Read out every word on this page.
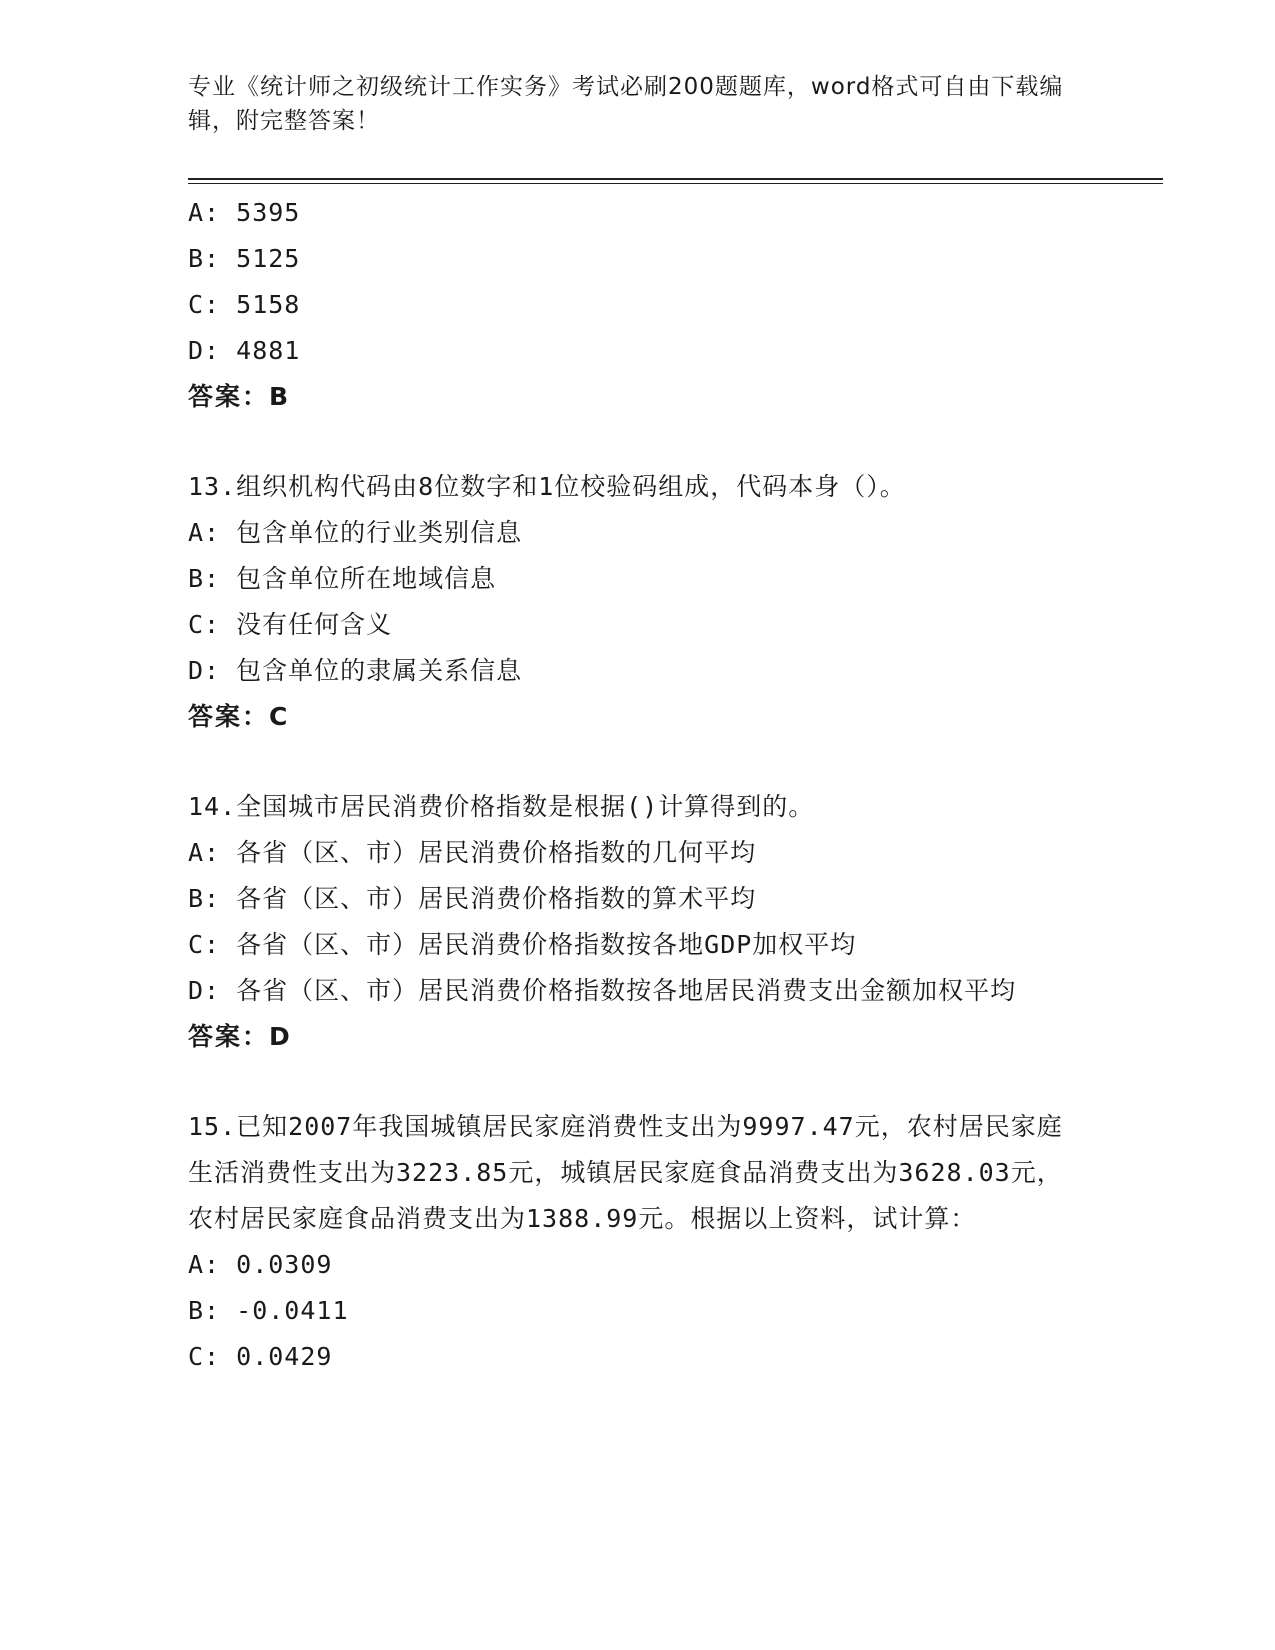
专业《统计师之初级统计工作实务》考试必刷200题题库，word格式可自由下载编辑，附完整答案！
A: 5395
B: 5125
C: 5158
D: 4881
答案：B
13.组织机构代码由8位数字和1位校验码组成，代码本身（）。
A: 包含单位的行业类别信息
B: 包含单位所在地域信息
C: 没有任何含义
D: 包含单位的隶属关系信息
答案：C
14.全国城市居民消费价格指数是根据()计算得到的。
A: 各省（区、市）居民消费价格指数的几何平均
B: 各省（区、市）居民消费价格指数的算术平均
C: 各省（区、市）居民消费价格指数按各地GDP加权平均
D: 各省（区、市）居民消费价格指数按各地居民消费支出金额加权平均
答案：D
15.已知2007年我国城镇居民家庭消费性支出为9997.47元，农村居民家庭生活消费性支出为3223.85元，城镇居民家庭食品消费支出为3628.03元，农村居民家庭食品消费支出为1388.99元。根据以上资料，试计算：
A: 0.0309
B: -0.0411
C: 0.0429
